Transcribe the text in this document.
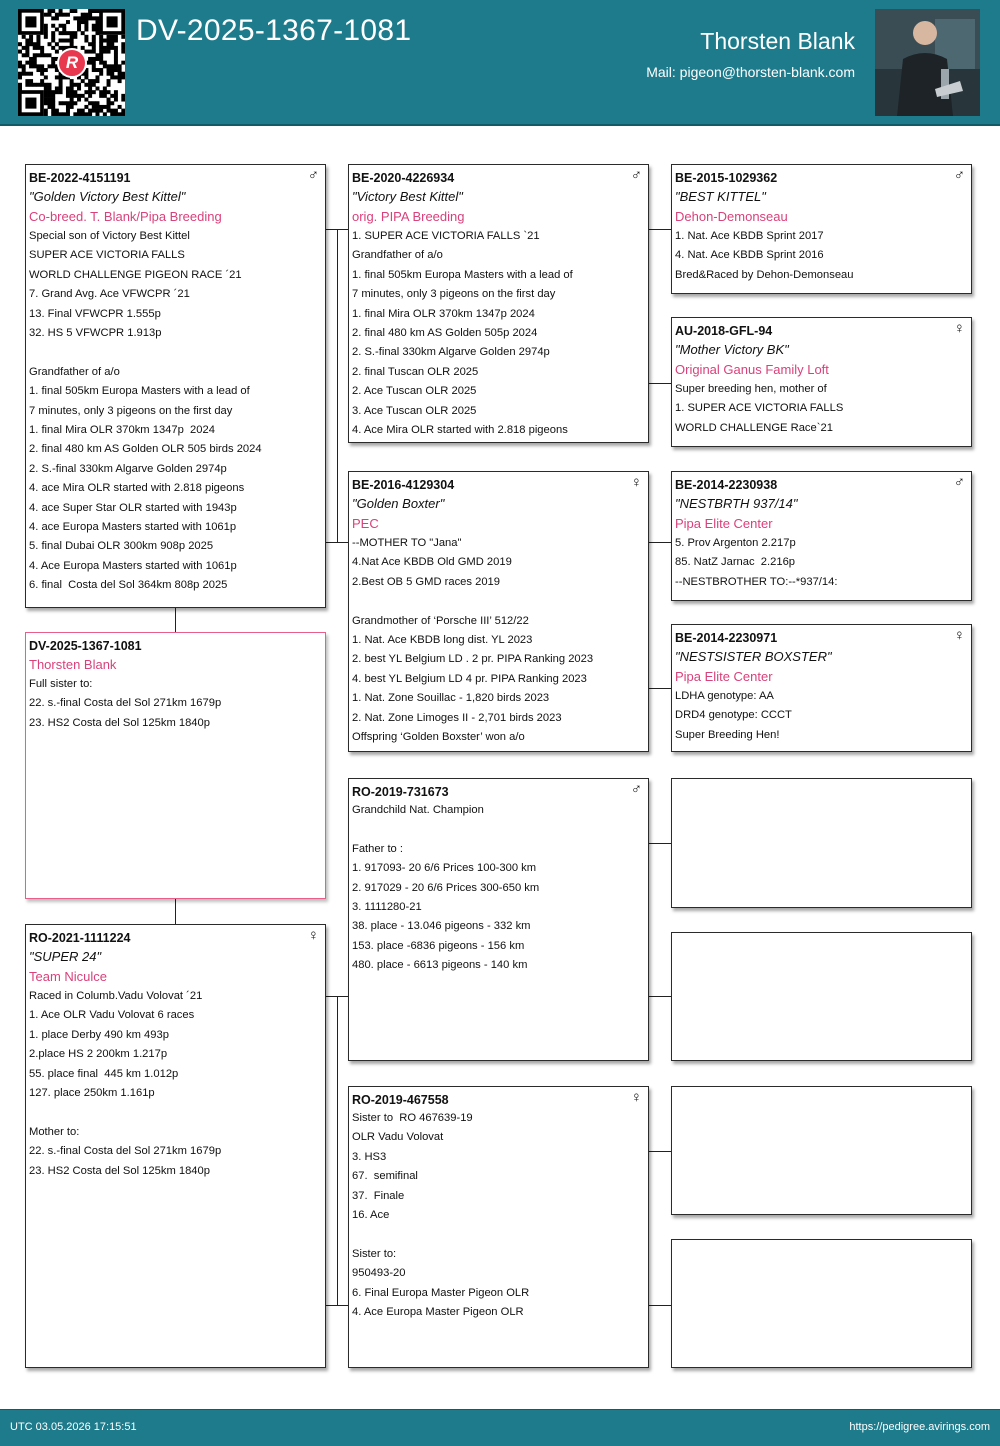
R
DV-2025-1367-1081	Thorsten Blank
Mail: pigeon@thorsten-blank.com
BE-2022-4151191	♂
"Golden Victory Best Kittel"
Co-breed. T. Blank/Pipa Breeding
Special son of Victory Best Kittel
SUPER ACE VICTORIA FALLS
WORLD CHALLENGE PIGEON RACE ´21
7. Grand Avg. Ace VFWCPR ´21
13. Final VFWCPR 1.555p
32. HS 5 VFWCPR 1.913p
Grandfather of a/o
1. final 505km Europa Masters with a lead of
7 minutes, only 3 pigeons on the first day
1. final Mira OLR 370km 1347p  2024
2. final 480 km AS Golden OLR 505 birds 2024
2. S.-final 330km Algarve Golden 2974p
4. ace Mira OLR started with 2.818 pigeons
4. ace Super Star OLR started with 1943p
4. ace Europa Masters started with 1061p
5. final Dubai OLR 300km 908p 2025
4. Ace Europa Masters started with 1061p
6. final  Costa del Sol 364km 808p 2025
DV-2025-1367-1081
Thorsten Blank
Full sister to:
22. s.-final Costa del Sol 271km 1679p
23. HS2 Costa del Sol 125km 1840p
RO-2021-1111224	♀
"SUPER 24"
Team Niculce
Raced in Columb.Vadu Volovat ´21
1. Ace OLR Vadu Volovat 6 races
1. place Derby 490 km 493p
2.place HS 2 200km 1.217p
55. place final  445 km 1.012p
127. place 250km 1.161p
Mother to:
22. s.-final Costa del Sol 271km 1679p
23. HS2 Costa del Sol 125km 1840p
BE-2020-4226934	♂
"Victory Best Kittel"
orig. PIPA Breeding
1. SUPER ACE VICTORIA FALLS `21
Grandfather of a/o
1. final 505km Europa Masters with a lead of
7 minutes, only 3 pigeons on the first day
1. final Mira OLR 370km 1347p 2024
2. final 480 km AS Golden 505p 2024
2. S.-final 330km Algarve Golden 2974p
2. final Tuscan OLR 2025
2. Ace Tuscan OLR 2025
3. Ace Tuscan OLR 2025
4. Ace Mira OLR started with 2.818 pigeons
BE-2016-4129304	♀
"Golden Boxter"
PEC
--MOTHER TO "Jana"
4.Nat Ace KBDB Old GMD 2019
2.Best OB 5 GMD races 2019
Grandmother of ‘Porsche III’ 512/22
1. Nat. Ace KBDB long dist. YL 2023
2. best YL Belgium LD . 2 pr. PIPA Ranking 2023
4. best YL Belgium LD 4 pr. PIPA Ranking 2023
1. Nat. Zone Souillac - 1,820 birds 2023
2. Nat. Zone Limoges II - 2,701 birds 2023
Offspring ‘Golden Boxster’ won a/o
RO-2019-731673	♂
Grandchild Nat. Champion
Father to :
1. 917093- 20 6/6 Prices 100-300 km
2. 917029 - 20 6/6 Prices 300-650 km
3. 1111280-21
38. place - 13.046 pigeons - 332 km
153. place -6836 pigeons - 156 km
480. place - 6613 pigeons - 140 km
RO-2019-467558	♀
Sister to  RO 467639-19
OLR Vadu Volovat
3. HS3
67.  semifinal
37.  Finale
16. Ace
Sister to:
950493-20
6. Final Europa Master Pigeon OLR
4. Ace Europa Master Pigeon OLR
BE-2015-1029362	♂
"BEST KITTEL"
Dehon-Demonseau
1. Nat. Ace KBDB Sprint 2017
4. Nat. Ace KBDB Sprint 2016
Bred&Raced by Dehon-Demonseau
AU-2018-GFL-94	♀
"Mother Victory BK"
Original Ganus Family Loft
Super breeding hen, mother of
1. SUPER ACE VICTORIA FALLS
WORLD CHALLENGE Race`21
BE-2014-2230938	♂
"NESTBRTH 937/14"
Pipa Elite Center
5. Prov Argenton 2.217p
85. NatZ Jarnac  2.216p
--NESTBROTHER TO:--*937/14:
BE-2014-2230971	♀
"NESTSISTER BOXSTER"
Pipa Elite Center
LDHA genotype: AA
DRD4 genotype: CCCT
Super Breeding Hen!
UTC 03.05.2026 17:15:51	https://pedigree.avirings.com
